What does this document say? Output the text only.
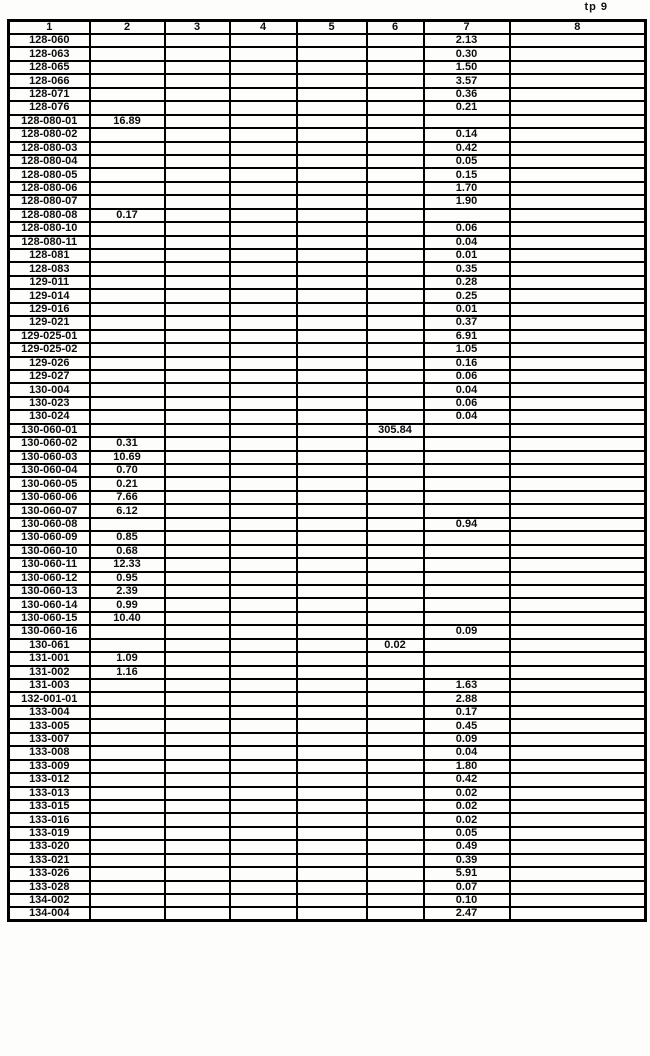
tp 9
1	2	3	4	5	6	7	8
128-060						2.13	
128-063						0.30	
128-065						1.50	
128-066						3.57	
128-071						0.36	
128-076						0.21	
128-080-01	16.89						
128-080-02						0.14	
128-080-03						0.42	
128-080-04						0.05	
128-080-05						0.15	
128-080-06						1.70	
128-080-07						1.90	
128-080-08	0.17						
128-080-10						0.06	
128-080-11						0.04	
128-081						0.01	
128-083						0.35	
129-011						0.28	
129-014						0.25	
129-016						0.01	
129-021						0.37	
129-025-01						6.91	
129-025-02						1.05	
129-026						0.16	
129-027						0.06	
130-004						0.04	
130-023						0.06	
130-024						0.04	
130-060-01					305.84		
130-060-02	0.31						
130-060-03	10.69						
130-060-04	0.70						
130-060-05	0.21						
130-060-06	7.66						
130-060-07	6.12						
130-060-08						0.94	
130-060-09	0.85						
130-060-10	0.68						
130-060-11	12.33						
130-060-12	0.95						
130-060-13	2.39						
130-060-14	0.99						
130-060-15	10.40						
130-060-16						0.09	
130-061					0.02		
131-001	1.09						
131-002	1.16						
131-003						1.63	
132-001-01						2.88	
133-004						0.17	
133-005						0.45	
133-007						0.09	
133-008						0.04	
133-009						1.80	
133-012						0.42	
133-013						0.02	
133-015						0.02	
133-016						0.02	
133-019						0.05	
133-020						0.49	
133-021						0.39	
133-026						5.91	
133-028						0.07	
134-002						0.10	
134-004						2.47	
